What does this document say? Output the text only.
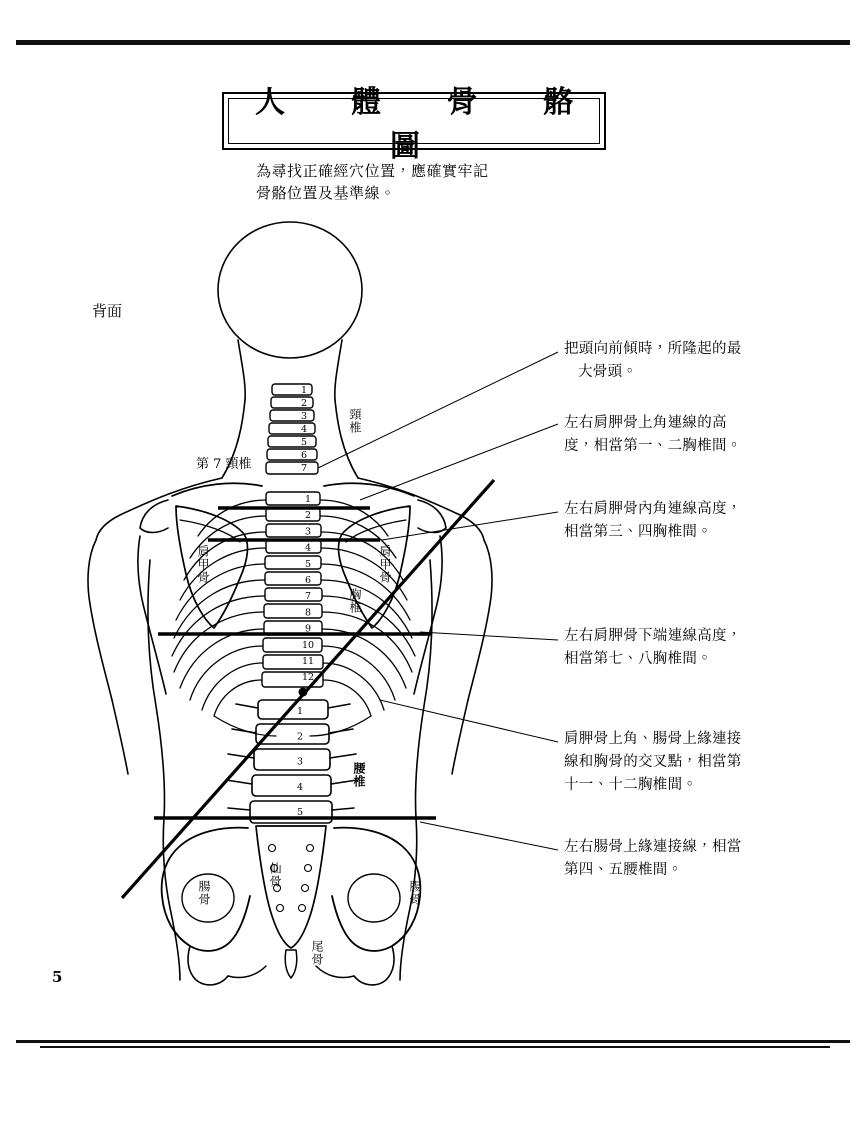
人　體　骨　骼　圖
為尋找正確經穴位置，應確實牢記
骨骼位置及基準線。
背面
5
1
2
3
4
5
6
7
1
2
3
4
5
6
7
8
9
10
11
12
1
2
3
4
5
第 7 頸椎
頸椎
胸椎
腰椎
肩甲骨	肩甲骨
腸骨	腸骨
仙骨
尾骨
把頭向前傾時，所隆起的最
大骨頭。
左右肩胛骨上角連線的高
度，相當第一、二胸椎間。
左右肩胛骨內角連線高度，
相當第三、四胸椎間。
左右肩胛骨下端連線高度，
相當第七、八胸椎間。
肩胛骨上角、腸骨上緣連接
線和胸骨的交叉點，相當第
十一、十二胸椎間。
左右腸骨上緣連接線，相當
第四、五腰椎間。
